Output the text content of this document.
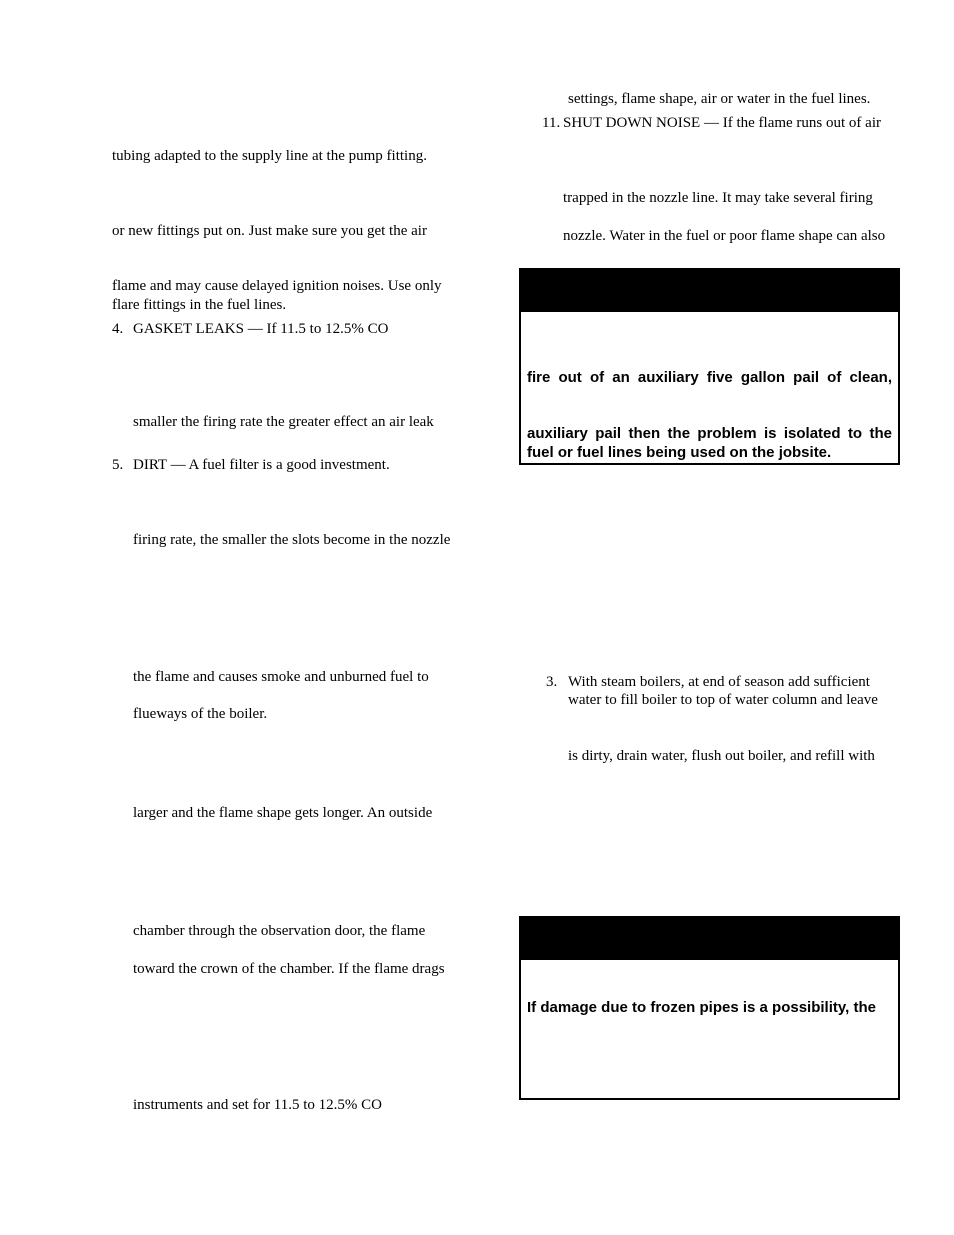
tubing adapted to the supply line at the pump fitting.
or new fittings put on. Just make sure you get the air
flame and may cause delayed ignition noises. Use only
flare fittings in the fuel lines.
4. GASKET LEAKS — If 11.5 to 12.5% CO
smaller the firing rate the greater effect an air leak
5. DIRT — A fuel filter is a good investment.
firing rate, the smaller the slots become in the nozzle
the flame and causes smoke and unburned fuel to
flueways of the boiler.
larger and the flame shape gets longer. An outside
chamber through the observation door, the flame
toward the crown of the chamber. If the flame drags
instruments and set for 11.5 to 12.5% CO
settings, flame shape, air or water in the fuel lines.
11. SHUT DOWN NOISE — If the flame runs out of air
trapped in the nozzle line. It may take several firing
nozzle. Water in the fuel or poor flame shape can also
3. With steam boilers, at end of season add sufficient
water to fill boiler to top of water column and leave
is dirty, drain water, flush out boiler, and refill with
fire out of an auxiliary five gallon pail of clean,
auxiliary pail then the problem is isolated to the
fuel or fuel lines being used on the jobsite.
If damage due to frozen pipes is a possibility, the
